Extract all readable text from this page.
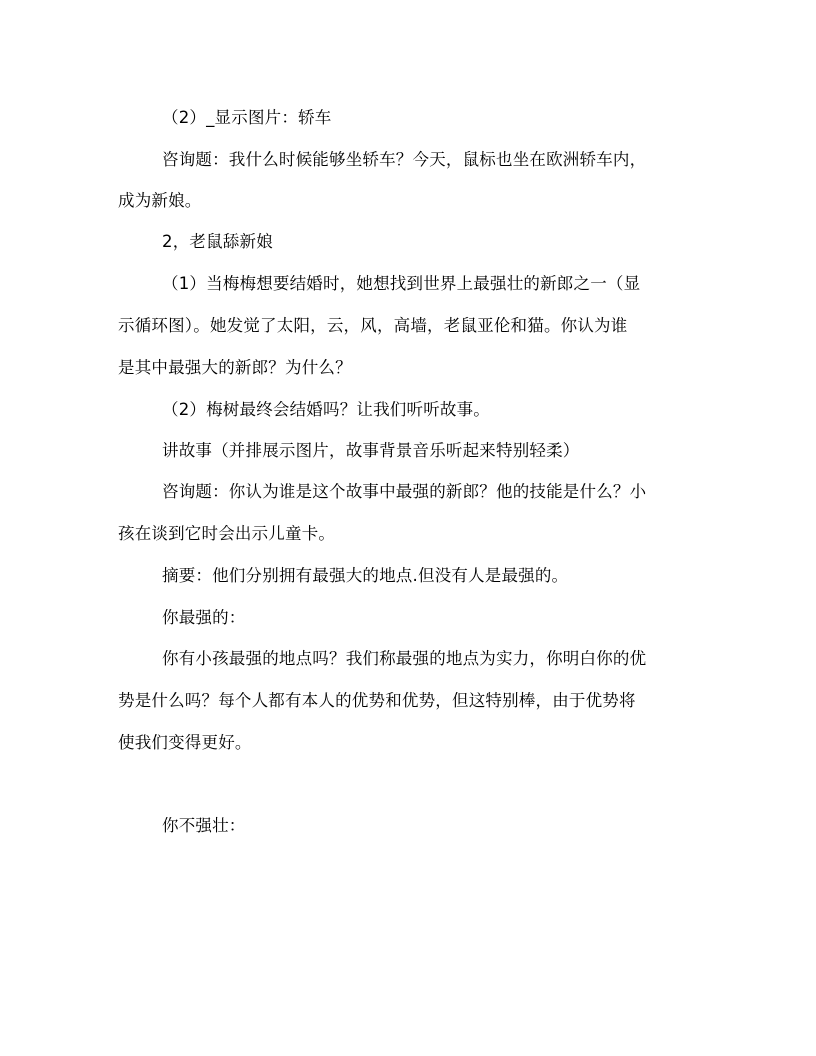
（2）_显示图片：轿车
咨询题：我什么时候能够坐轿车？今天，鼠标也坐在欧洲轿车内，
成为新娘。
2，老鼠舔新娘
（1）当梅梅想要结婚时，她想找到世界上最强壮的新郎之一（显
示循环图）。她发觉了太阳，云，风，高墙，老鼠亚伦和猫。你认为谁
是其中最强大的新郎？为什么？
（2）梅树最终会结婚吗？让我们听听故事。
讲故事（并排展示图片，故事背景音乐听起来特别轻柔）
咨询题：你认为谁是这个故事中最强的新郎？他的技能是什么？小
孩在谈到它时会出示儿童卡。
摘要：他们分别拥有最强大的地点.但没有人是最强的。
你最强的：
你有小孩最强的地点吗？我们称最强的地点为实力，你明白你的优
势是什么吗？每个人都有本人的优势和优势，但这特别棒，由于优势将
使我们变得更好。
你不强壮：
